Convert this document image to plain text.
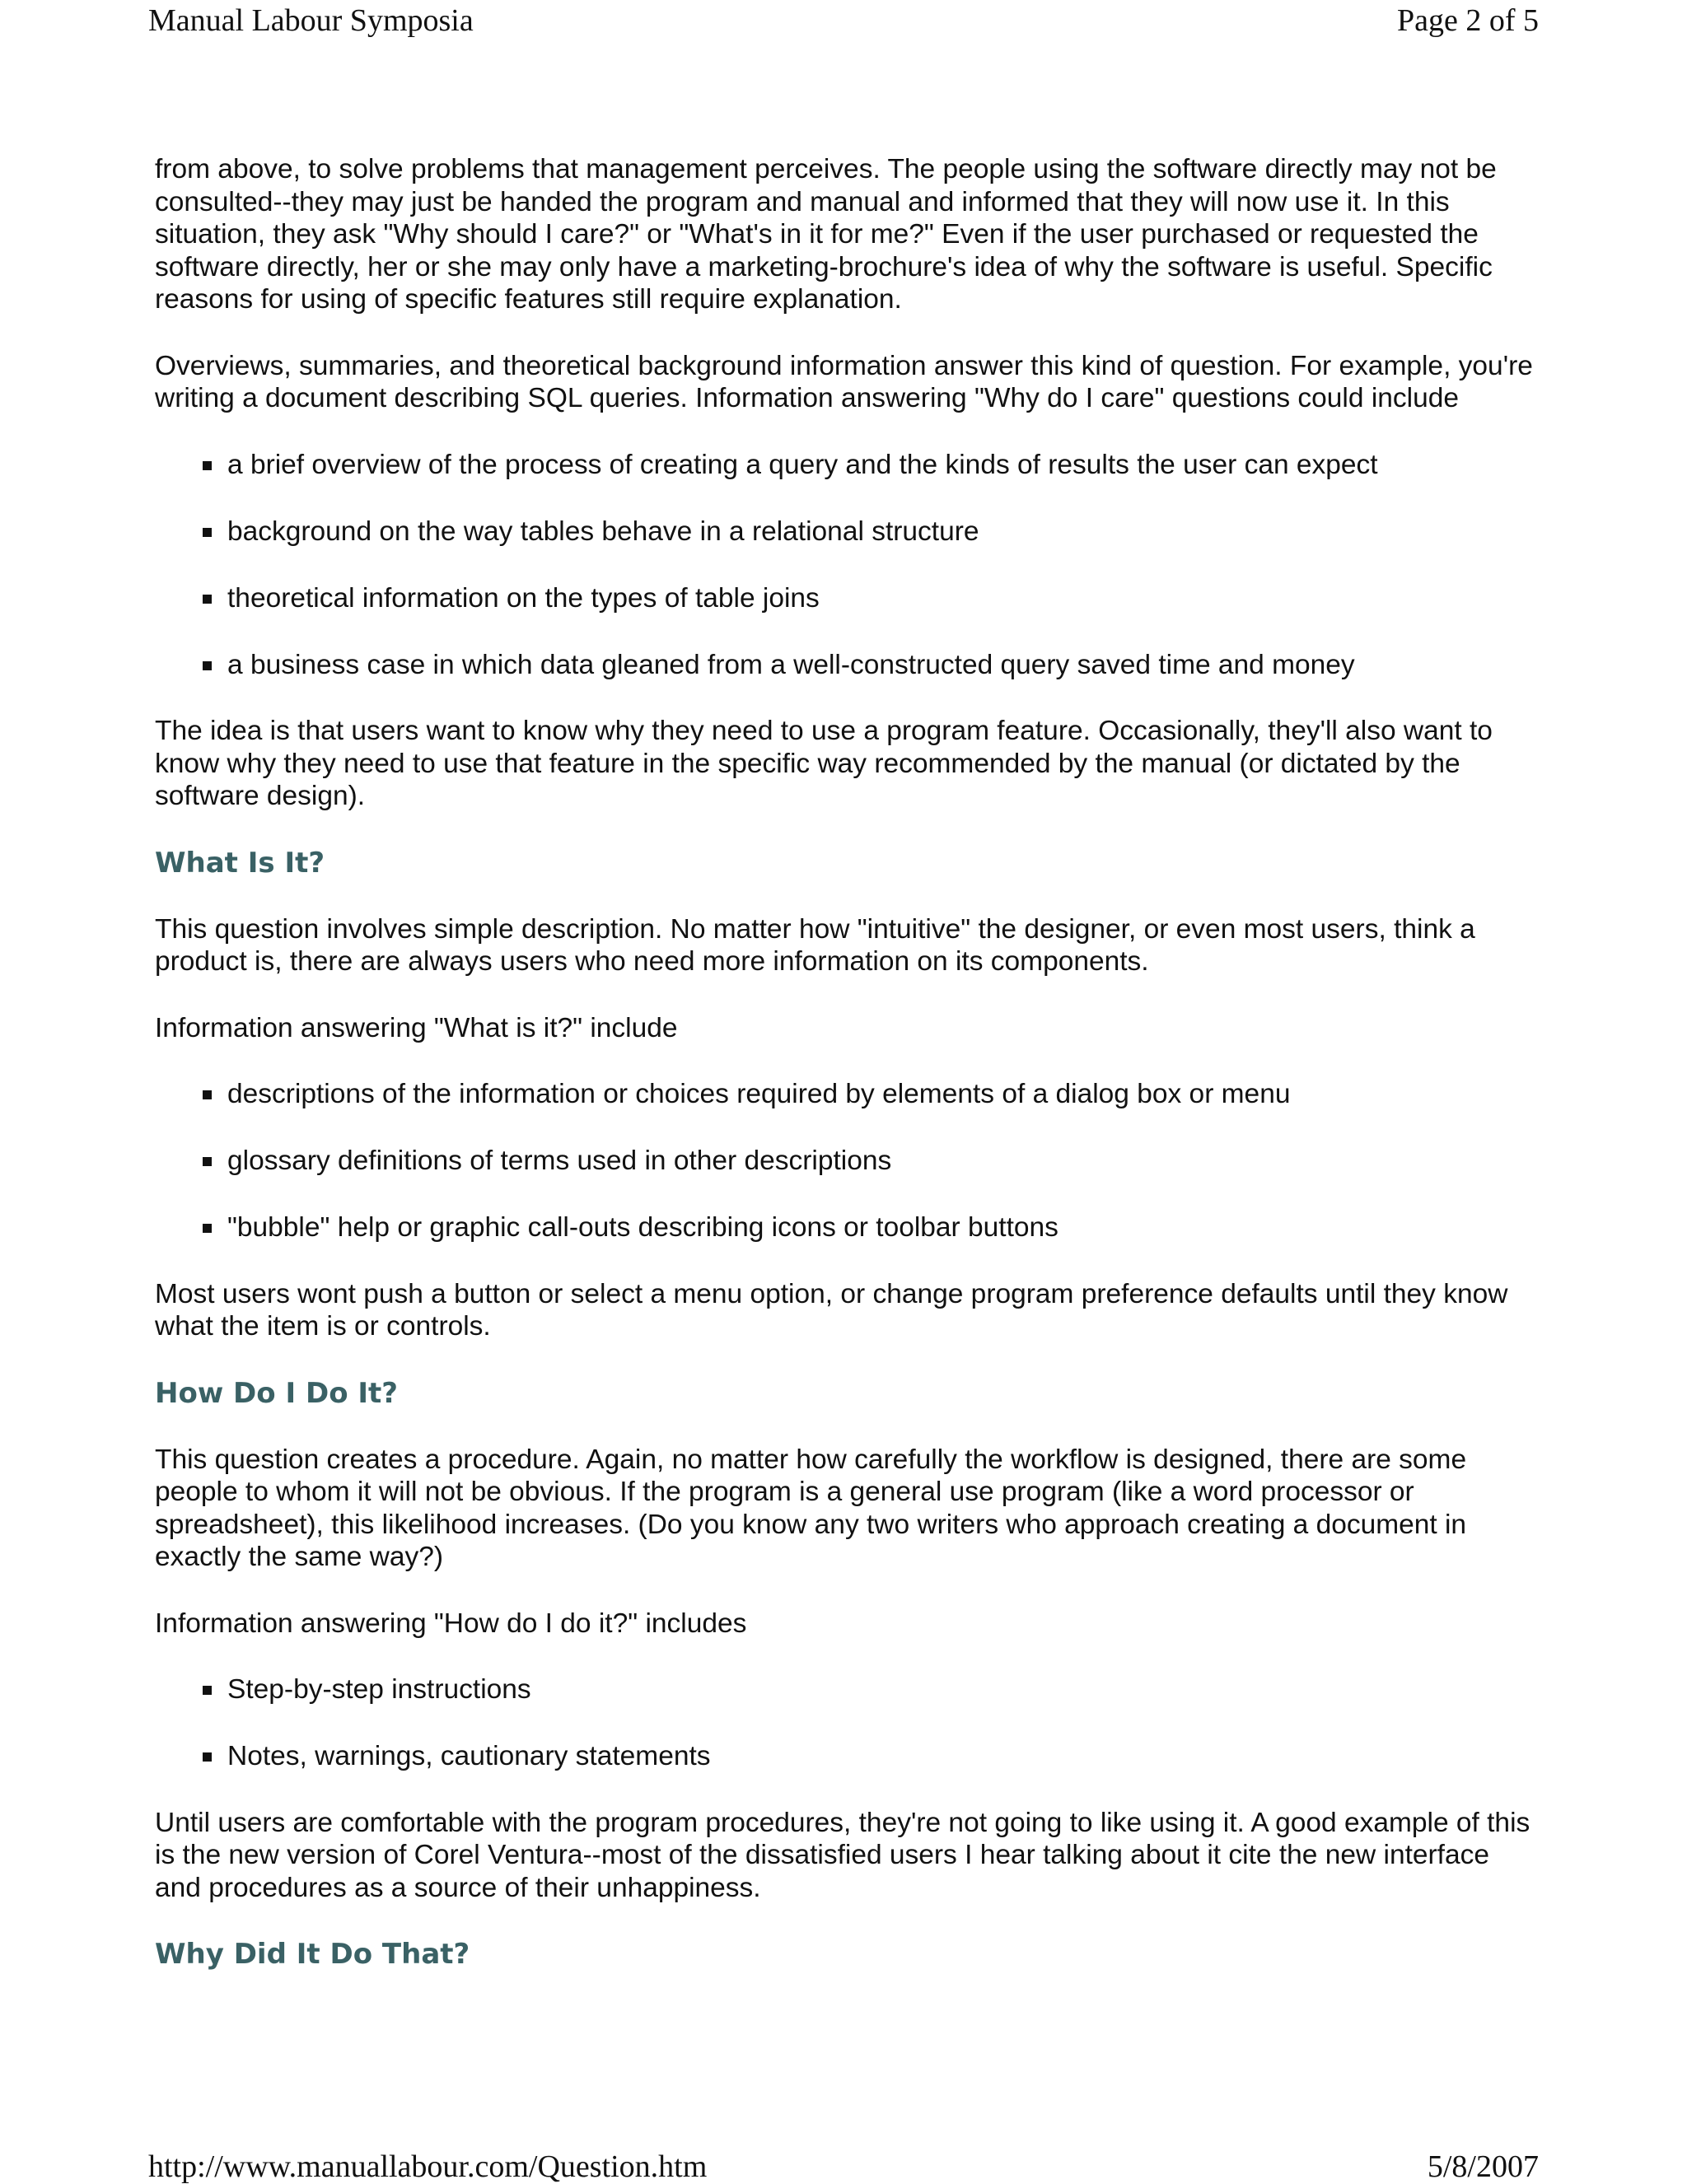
Manual Labour Symposia	Page 2 of 5

from above, to solve problems that management perceives. The people using the software directly may not be consulted--they may just be handed the program and manual and informed that they will now use it. In this situation, they ask "Why should I care?" or "What's in it for me?" Even if the user purchased or requested the software directly, her or she may only have a marketing-brochure's idea of why the software is useful. Specific reasons for using of specific features still require explanation.

Overviews, summaries, and theoretical background information answer this kind of question. For example, you're writing a document describing SQL queries. Information answering "Why do I care" questions could include

a brief overview of the process of creating a query and the kinds of results the user can expect
background on the way tables behave in a relational structure
theoretical information on the types of table joins
a business case in which data gleaned from a well-constructed query saved time and money

The idea is that users want to know why they need to use a program feature. Occasionally, they'll also want to know why they need to use that feature in the specific way recommended by the manual (or dictated by the software design).

What Is It?

This question involves simple description. No matter how "intuitive" the designer, or even most users, think a product is, there are always users who need more information on its components.

Information answering "What is it?" include

descriptions of the information or choices required by elements of a dialog box or menu
glossary definitions of terms used in other descriptions
"bubble" help or graphic call-outs describing icons or toolbar buttons

Most users wont push a button or select a menu option, or change program preference defaults until they know what the item is or controls.

How Do I Do It?

This question creates a procedure. Again, no matter how carefully the workflow is designed, there are some people to whom it will not be obvious. If the program is a general use program (like a word processor or spreadsheet), this likelihood increases. (Do you know any two writers who approach creating a document in exactly the same way?)

Information answering "How do I do it?" includes

Step-by-step instructions
Notes, warnings, cautionary statements

Until users are comfortable with the program procedures, they're not going to like using it. A good example of this is the new version of Corel Ventura--most of the dissatisfied users I hear talking about it cite the new interface and procedures as a source of their unhappiness.

Why Did It Do That?
http://www.manuallabour.com/Question.htm	5/8/2007
